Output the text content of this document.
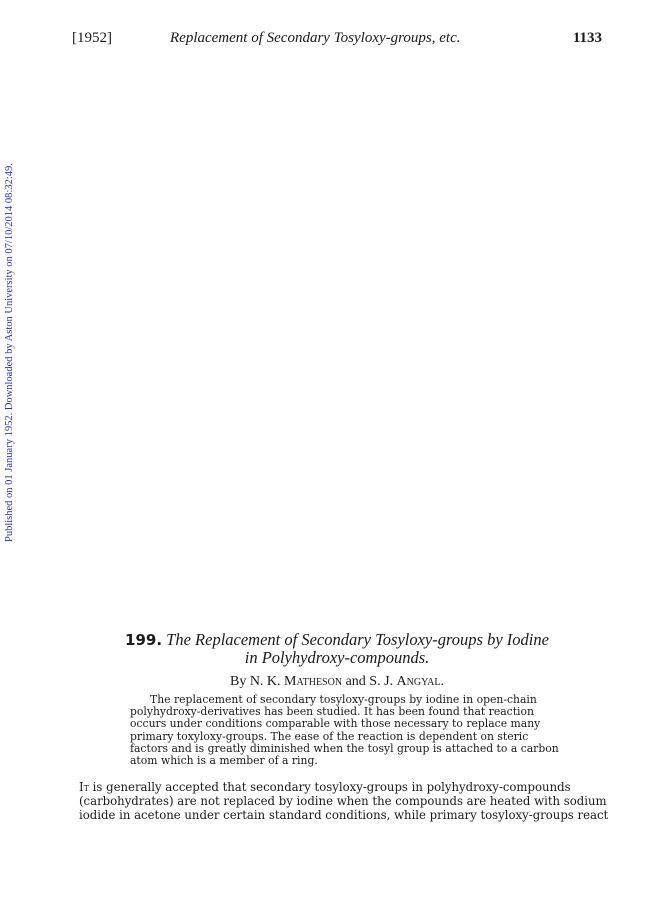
[1952]	Replacement of Secondary Tosyloxy-groups, etc.	1133
Published on 01 January 1952. Downloaded by Aston University on 07/10/2014 08:32:49.
199. The Replacement of Secondary Tosyloxy-groups by Iodine
in Polyhydroxy-compounds.
By N. K. Matheson and S. J. Angyal.
The replacement of secondary tosyloxy-groups by iodine in open-chain
polyhydroxy-derivatives has been studied. It has been found that reaction
occurs under conditions comparable with those necessary to replace many
primary toxyloxy-groups. The ease of the reaction is dependent on steric
factors and is greatly diminished when the tosyl group is attached to a carbon
atom which is a member of a ring.
It is generally accepted that secondary tosyloxy-groups in polyhydroxy-compounds
(carbohydrates) are not replaced by iodine when the compounds are heated with sodium
iodide in acetone under certain standard conditions, while primary tosyloxy-groups react
